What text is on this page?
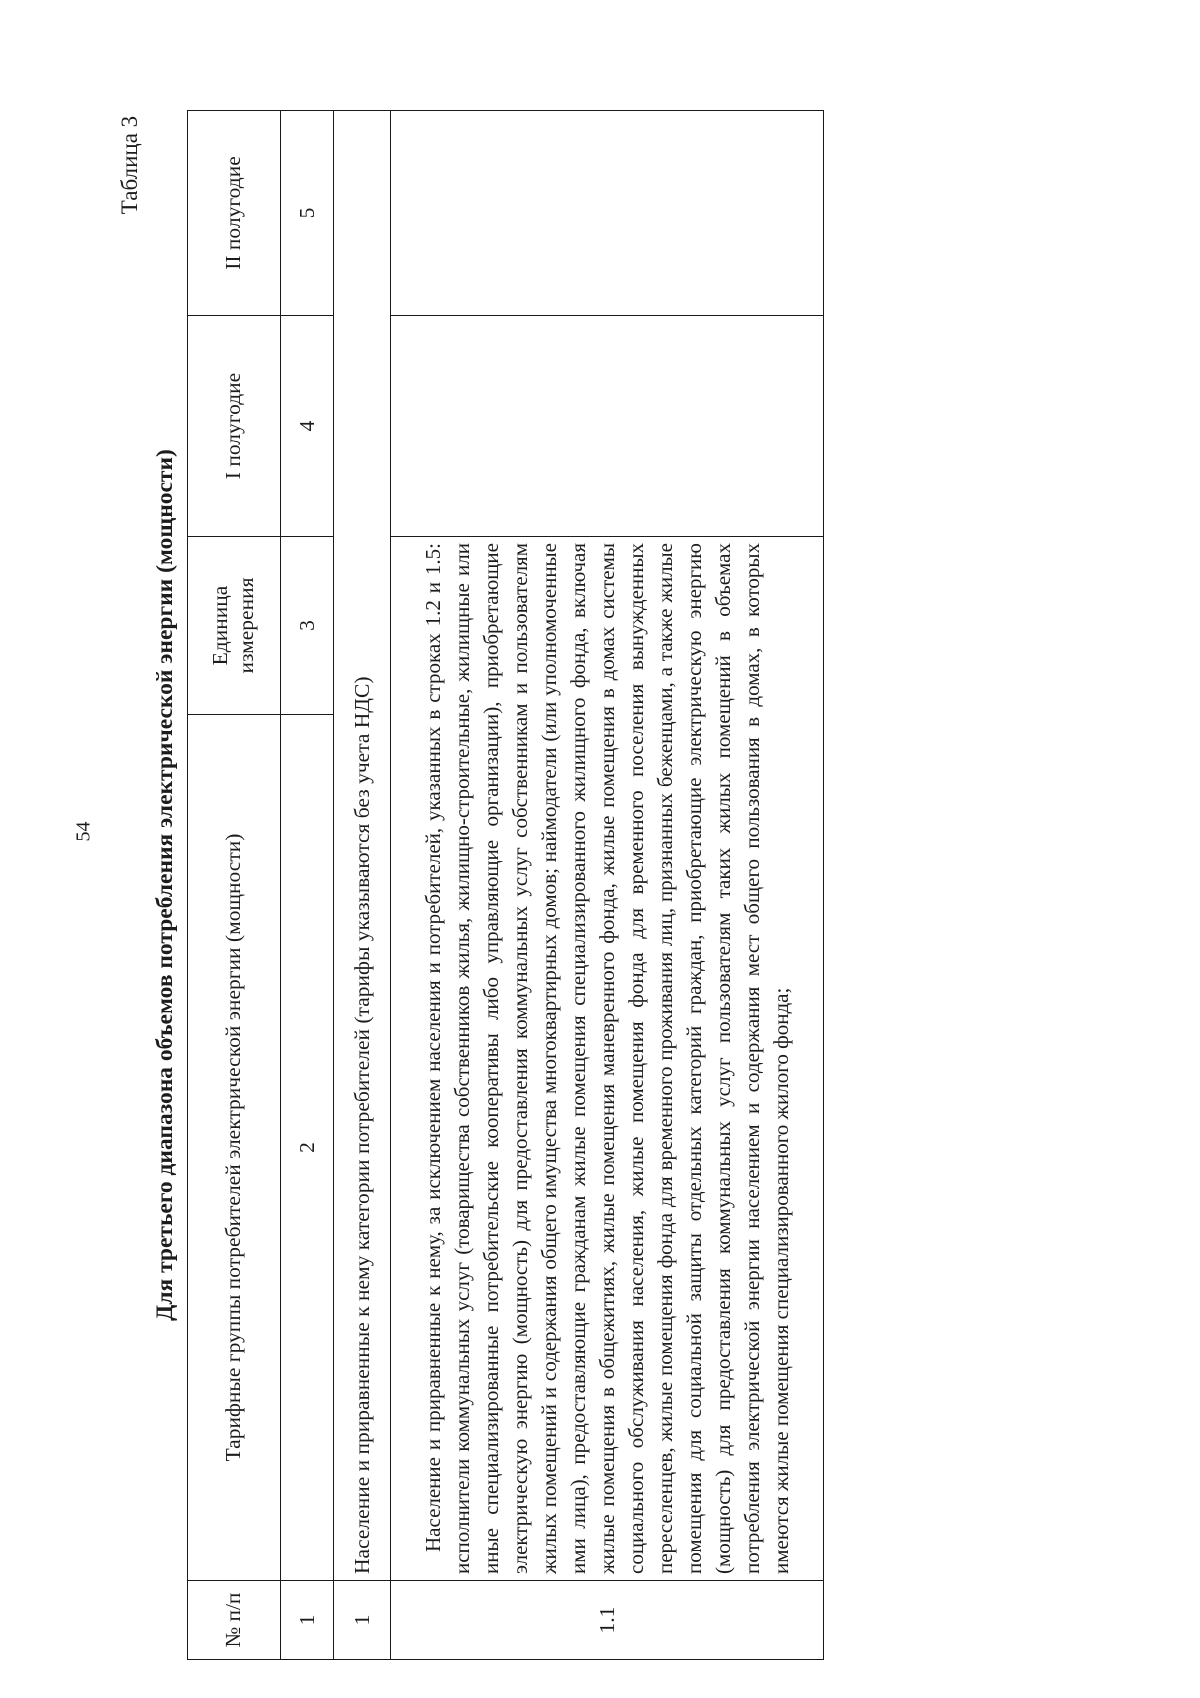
54
Таблица 3
Для третьего диапазона объемов потребления электрической энергии (мощности)
№ п/п	Тарифные группы потребителей электрической энергии (мощности)	Единица измерения	I полугодие	II полугодие
1	2	3	4	5
1	Население и приравненные к нему категории потребителей (тарифы указываются без учета НДС)			
1.1	Население и приравненные к нему, за исключением населения и потребителей, указанных в строках 1.2 и 1.5: исполнители коммунальных услуг (товарищества собственников жилья, жилищно-строительные, жилищные или иные специализированные потребительские кооперативы либо управляющие организации), приобретающие электрическую энергию (мощность) для предоставления коммунальных услуг собственникам и пользователям жилых помещений и содержания общего имущества многоквартирных домов; наймодатели (или уполномоченные ими лица), предоставляющие гражданам жилые помещения специализированного жилищного фонда, включая жилые помещения в общежитиях, жилые помещения маневренного фонда, жилые помещения в домах системы социального обслуживания населения, жилые помещения фонда для временного поселения вынужденных переселенцев, жилые помещения фонда для временного проживания лиц, признанных беженцами, а также жилые помещения для социальной защиты отдельных категорий граждан, приобретающие электрическую энергию (мощность) для предоставления коммунальных услуг пользователям таких жилых помещений в объемах потребления электрической энергии населением и содержания мест общего пользования в домах, в которых имеются жилые помещения специализированного жилого фонда;			
